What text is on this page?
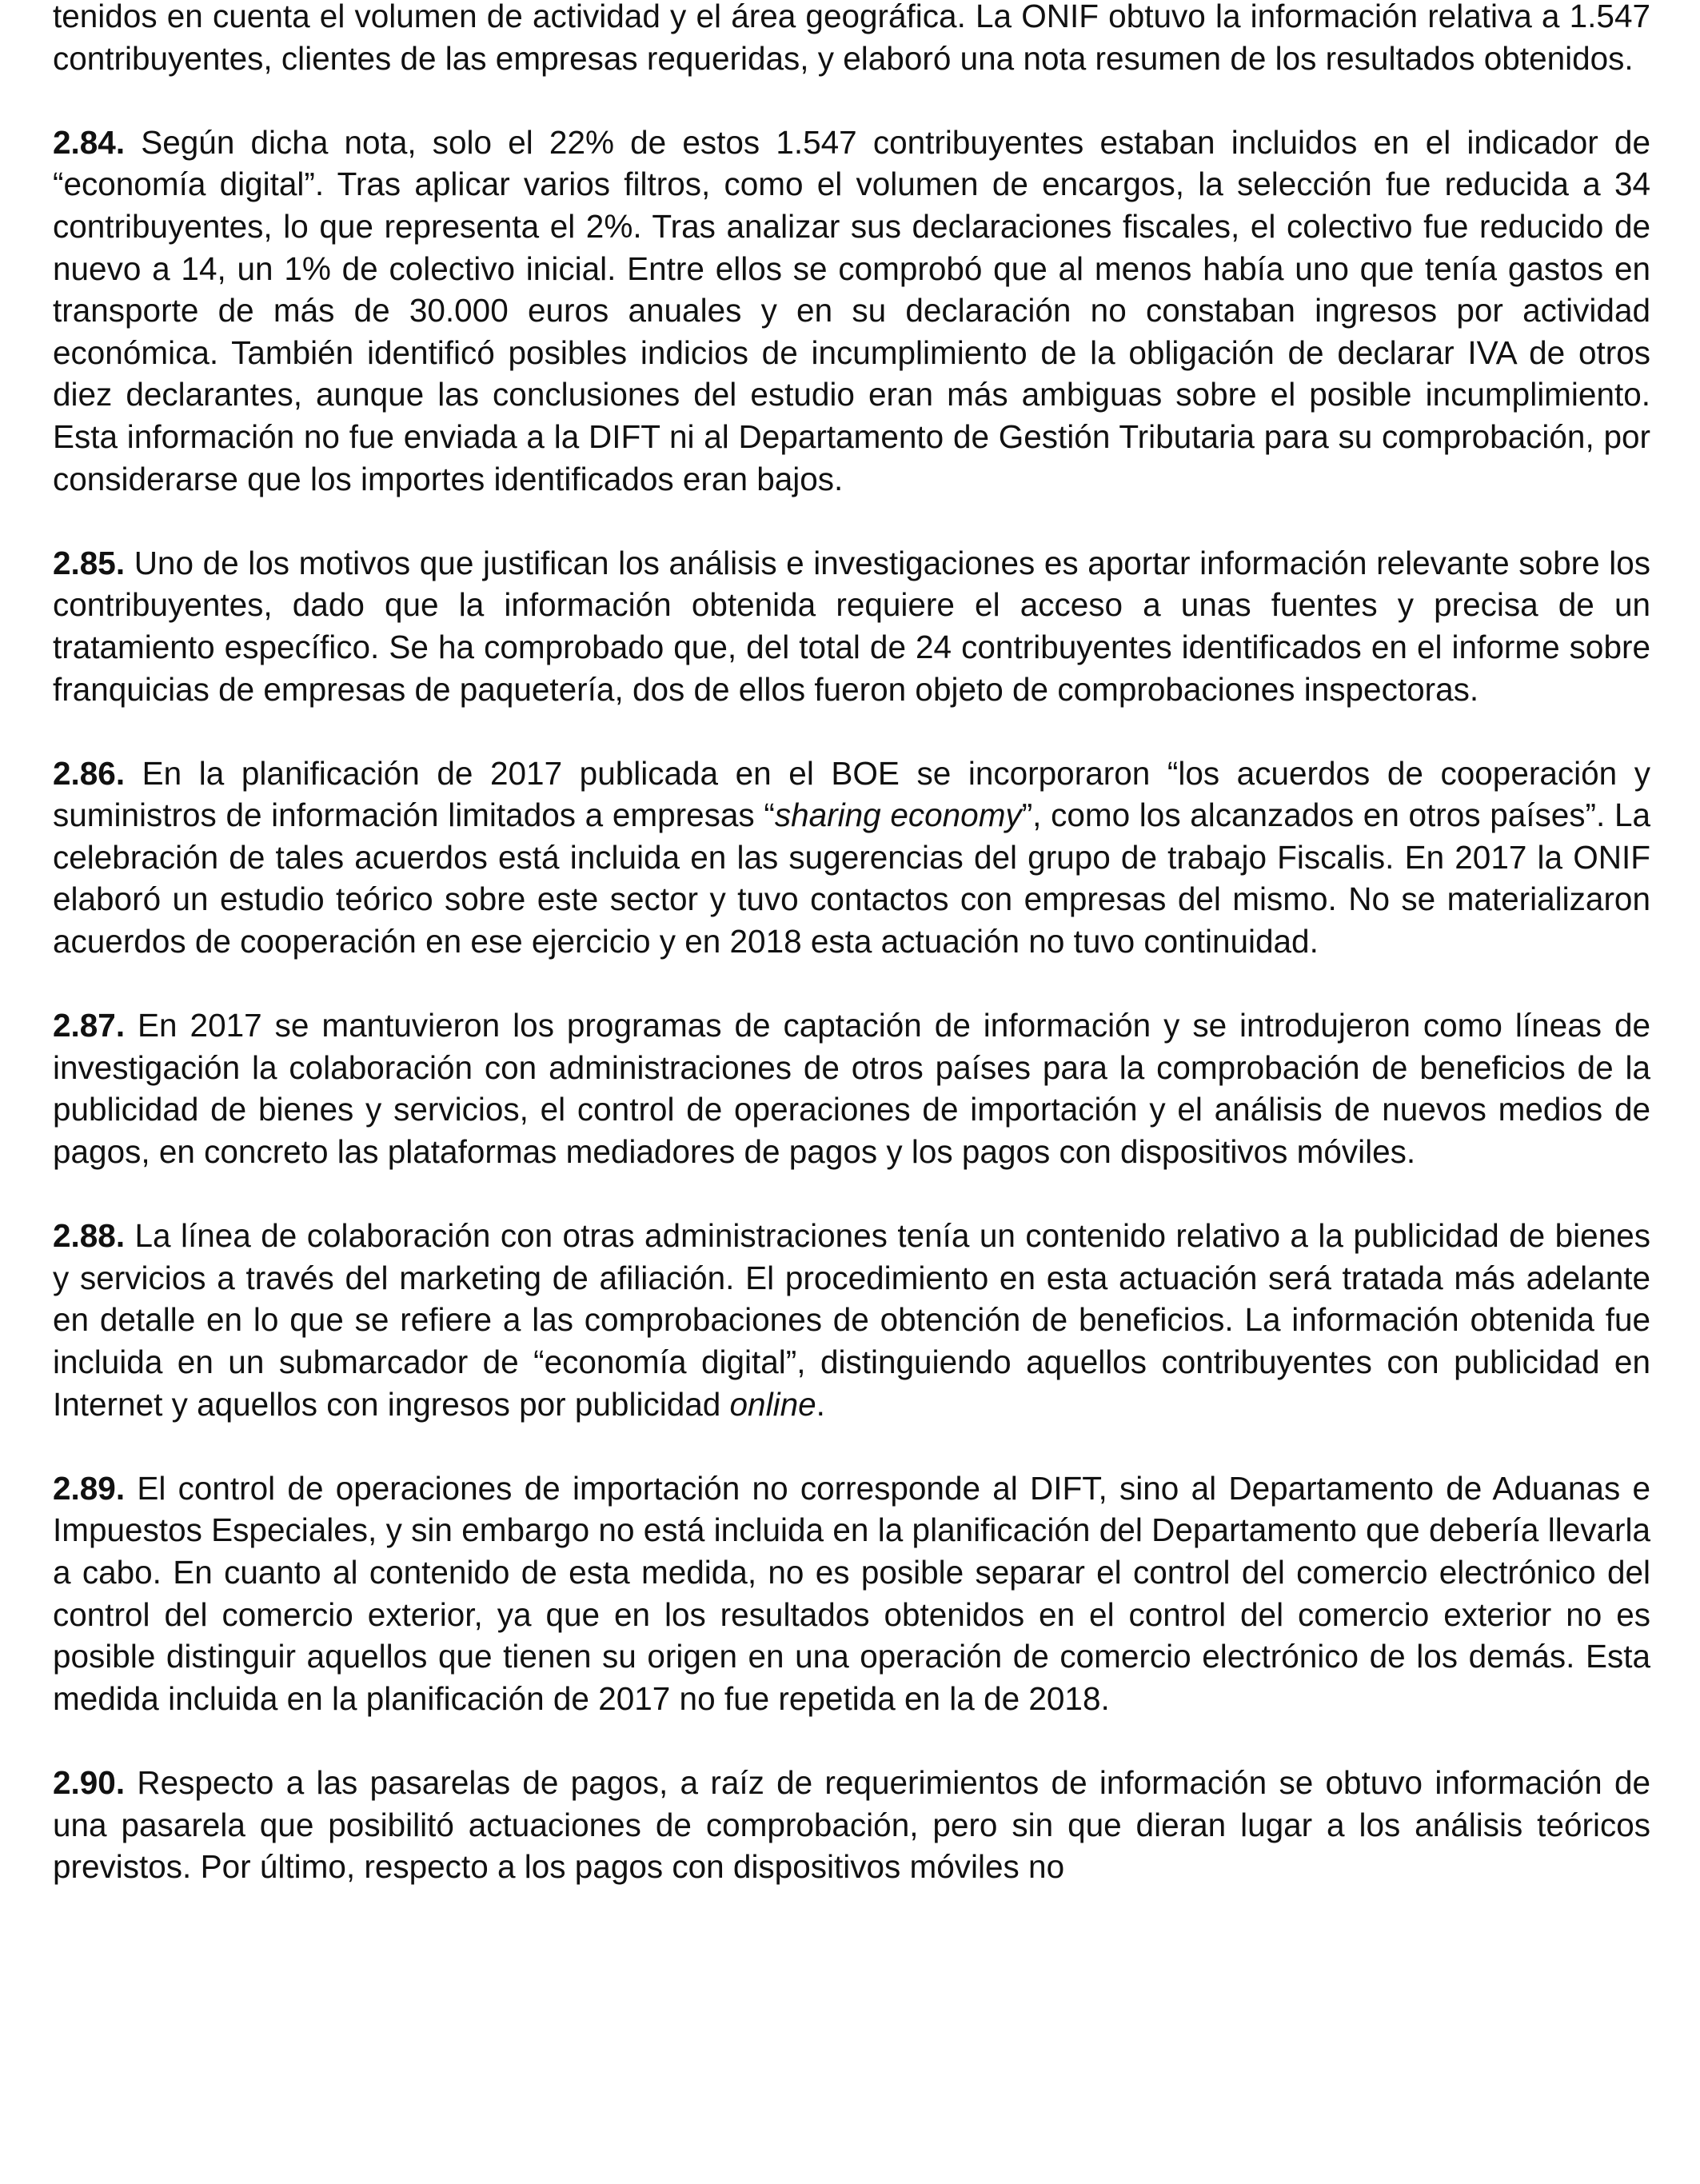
tenidos en cuenta el volumen de actividad y el área geográfica. La ONIF obtuvo la información relativa a 1.547 contribuyentes, clientes de las empresas requeridas, y elaboró una nota resumen de los resultados obtenidos.

2.84. Según dicha nota, solo el 22% de estos 1.547 contribuyentes estaban incluidos en el indicador de “economía digital”. Tras aplicar varios filtros, como el volumen de encargos, la selección fue reducida a 34 contribuyentes, lo que representa el 2%. Tras analizar sus declaraciones fiscales, el colectivo fue reducido de nuevo a 14, un 1% de colectivo inicial. Entre ellos se comprobó que al menos había uno que tenía gastos en transporte de más de 30.000 euros anuales y en su declaración no constaban ingresos por actividad económica. También identificó posibles indicios de incumplimiento de la obligación de declarar IVA de otros diez declarantes, aunque las conclusiones del estudio eran más ambiguas sobre el posible incumplimiento. Esta información no fue enviada a la DIFT ni al Departamento de Gestión Tributaria para su comprobación, por considerarse que los importes identificados eran bajos.

2.85. Uno de los motivos que justifican los análisis e investigaciones es aportar información relevante sobre los contribuyentes, dado que la información obtenida requiere el acceso a unas fuentes y precisa de un tratamiento específico. Se ha comprobado que, del total de 24 contribuyentes identificados en el informe sobre franquicias de empresas de paquetería, dos de ellos fueron objeto de comprobaciones inspectoras.

2.86. En la planificación de 2017 publicada en el BOE se incorporaron “los acuerdos de cooperación y suministros de información limitados a empresas “sharing economy”, como los alcanzados en otros países”. La celebración de tales acuerdos está incluida en las sugerencias del grupo de trabajo Fiscalis. En 2017 la ONIF elaboró un estudio teórico sobre este sector y tuvo contactos con empresas del mismo. No se materializaron acuerdos de cooperación en ese ejercicio y en 2018 esta actuación no tuvo continuidad.

2.87. En 2017 se mantuvieron los programas de captación de información y se introdujeron como líneas de investigación la colaboración con administraciones de otros países para la comprobación de beneficios de la publicidad de bienes y servicios, el control de operaciones de importación y el análisis de nuevos medios de pagos, en concreto las plataformas mediadores de pagos y los pagos con dispositivos móviles.

2.88. La línea de colaboración con otras administraciones tenía un contenido relativo a la publicidad de bienes y servicios a través del marketing de afiliación. El procedimiento en esta actuación será tratada más adelante en detalle en lo que se refiere a las comprobaciones de obtención de beneficios. La información obtenida fue incluida en un submarcador de “economía digital”, distinguiendo aquellos contribuyentes con publicidad en Internet y aquellos con ingresos por publicidad online.

2.89. El control de operaciones de importación no corresponde al DIFT, sino al Departamento de Aduanas e Impuestos Especiales, y sin embargo no está incluida en la planificación del Departamento que debería llevarla a cabo. En cuanto al contenido de esta medida, no es posible separar el control del comercio electrónico del control del comercio exterior, ya que en los resultados obtenidos en el control del comercio exterior no es posible distinguir aquellos que tienen su origen en una operación de comercio electrónico de los demás. Esta medida incluida en la planificación de 2017 no fue repetida en la de 2018.

2.90. Respecto a las pasarelas de pagos, a raíz de requerimientos de información se obtuvo información de una pasarela que posibilitó actuaciones de comprobación, pero sin que dieran lugar a los análisis teóricos previstos. Por último, respecto a los pagos con dispositivos móviles no
